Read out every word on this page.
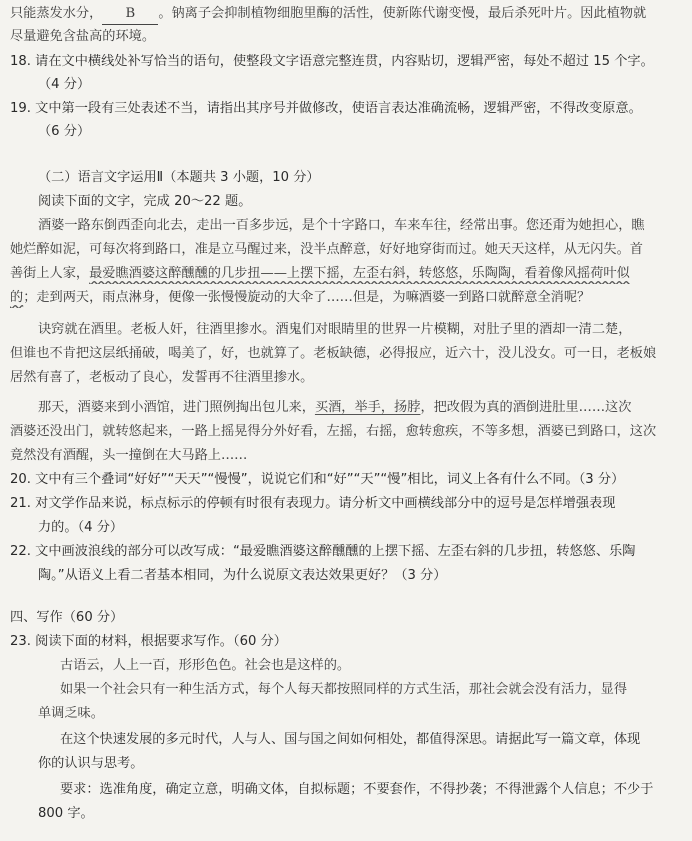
只能蒸发水分， B 。钠离子会抑制植物细胞里酶的活性，使新陈代谢变慢，最后杀死叶片。因此植物就
尽量避免含盐高的环境。
18. 请在文中横线处补写恰当的语句，使整段文字语意完整连贯，内容贴切，逻辑严密，每处不超过 15 个字。
（4 分）
19. 文中第一段有三处表述不当，请指出其序号并做修改，使语言表达准确流畅，逻辑严密，不得改变原意。
（6 分）
（二）语言文字运用Ⅱ（本题共 3 小题，10 分）
阅读下面的文字，完成 20～22 题。
酒婆一路东倒西歪向北去，走出一百多步远，是个十字路口，车来车往，经常出事。您还甭为她担心，瞧
她烂醉如泥，可每次将到路口，准是立马醒过来，没半点醉意，好好地穿街而过。她天天这样，从无闪失。首
善街上人家，最爱瞧酒婆这醉醺醺的几步扭——上摆下摇，左歪右斜，转悠悠，乐陶陶，看着像风摇荷叶似
的；走到两天，雨点淋身，便像一张慢慢旋动的大伞了……但是，为嘛酒婆一到路口就醉意全消呢？
诀窍就在酒里。老板人奸，往酒里掺水。酒鬼们对眼睛里的世界一片模糊，对肚子里的酒却一清二楚，
但谁也不肯把这层纸捅破，喝美了，好，也就算了。老板缺德，必得报应，近六十，没儿没女。可一日，老板娘
居然有喜了，老板动了良心，发誓再不往酒里掺水。
那天，酒婆来到小酒馆，进门照例掏出包儿来，买酒，举手，扬脖，把改假为真的酒倒进肚里……这次
酒婆还没出门，就转悠起来，一路上摇晃得分外好看，左摇，右摇，愈转愈疾，不等多想，酒婆已到路口，这次
竟然没有酒醒，头一撞倒在大马路上……
20. 文中有三个叠词“好好”“天天”“慢慢”，说说它们和“好”“天”“慢”相比，词义上各有什么不同。（3 分）
21. 对文学作品来说，标点标示的停顿有时很有表现力。请分析文中画横线部分中的逗号是怎样增强表现
力的。（4 分）
22. 文中画波浪线的部分可以改写成：“最爱瞧酒婆这醉醺醺的上摆下摇、左歪右斜的几步扭，转悠悠、乐陶
陶。”从语义上看二者基本相同，为什么说原文表达效果更好？（3 分）
四、写作（60 分）
23. 阅读下面的材料，根据要求写作。（60 分）
古语云，人上一百，形形色色。社会也是这样的。
如果一个社会只有一种生活方式，每个人每天都按照同样的方式生活，那社会就会没有活力，显得
单调乏味。
在这个快速发展的多元时代，人与人、国与国之间如何相处，都值得深思。请据此写一篇文章，体现
你的认识与思考。
要求：选准角度，确定立意，明确文体，自拟标题；不要套作，不得抄袭；不得泄露个人信息；不少于
800 字。
